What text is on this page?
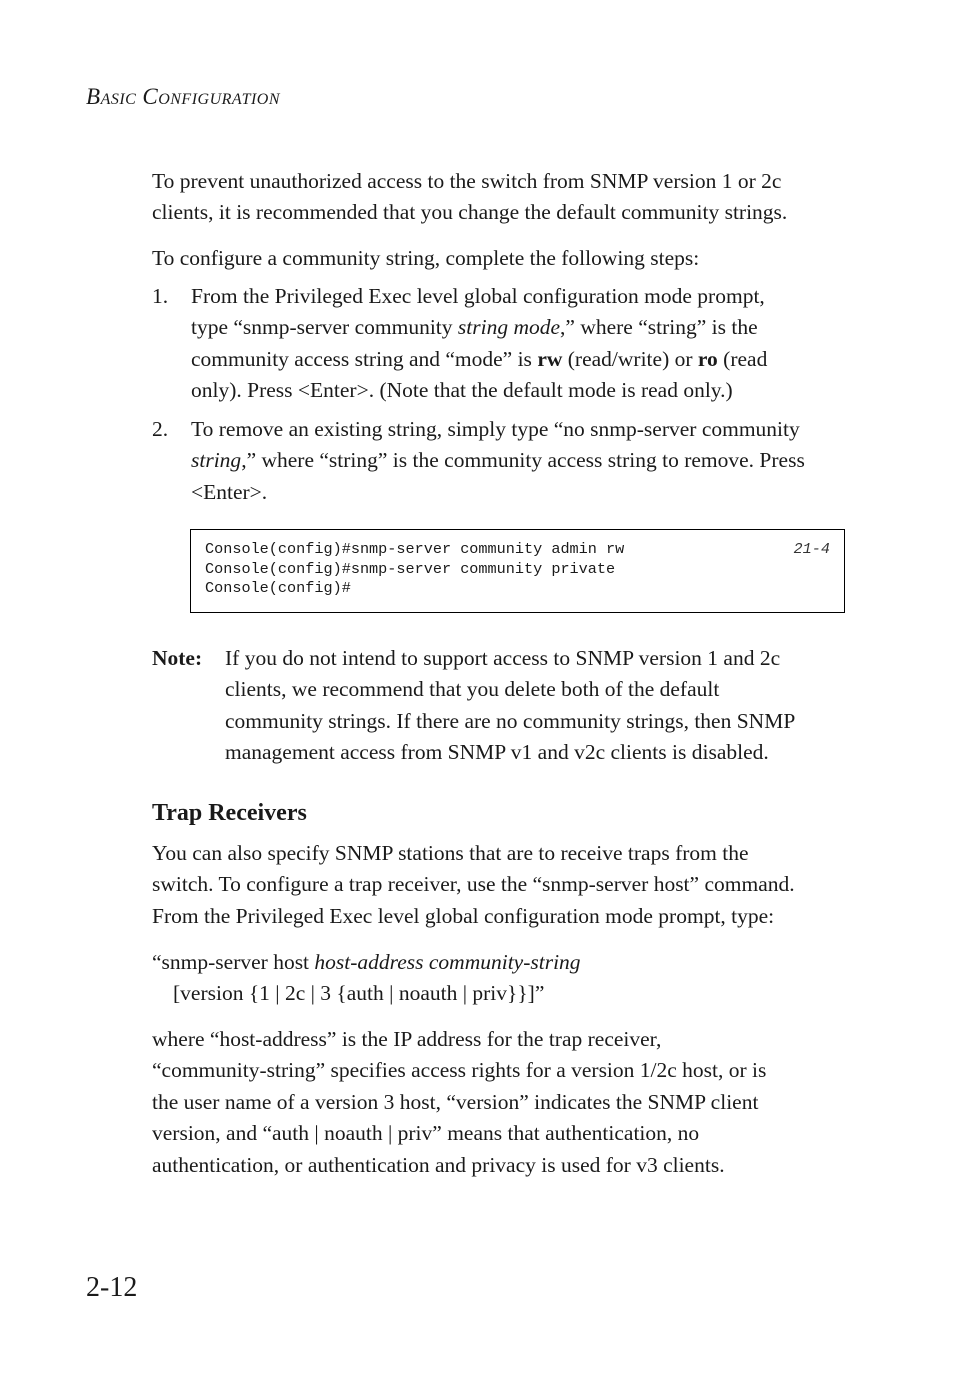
BASIC CONFIGURATION
To prevent unauthorized access to the switch from SNMP version 1 or 2c
clients, it is recommended that you change the default community strings.
To configure a community string, complete the following steps:
1. From the Privileged Exec level global configuration mode prompt,
type “snmp-server community string mode,” where “string” is the
community access string and “mode” is rw (read/write) or ro (read
only). Press <Enter>. (Note that the default mode is read only.)
2. To remove an existing string, simply type “no snmp-server community
string,” where “string” is the community access string to remove. Press
<Enter>.
Console(config)#snmp-server community admin rw
Console(config)#snmp-server community private
Console(config)#
21-4
Note: If you do not intend to support access to SNMP version 1 and 2c
clients, we recommend that you delete both of the default
community strings. If there are no community strings, then SNMP
management access from SNMP v1 and v2c clients is disabled.
Trap Receivers
You can also specify SNMP stations that are to receive traps from the
switch. To configure a trap receiver, use the “snmp-server host” command.
From the Privileged Exec level global configuration mode prompt, type:
“snmp-server host host-address community-string
[version {1 | 2c | 3 {auth | noauth | priv}}]”
where “host-address” is the IP address for the trap receiver,
“community-string” specifies access rights for a version 1/2c host, or is
the user name of a version 3 host, “version” indicates the SNMP client
version, and “auth | noauth | priv” means that authentication, no
authentication, or authentication and privacy is used for v3 clients.
2-12
